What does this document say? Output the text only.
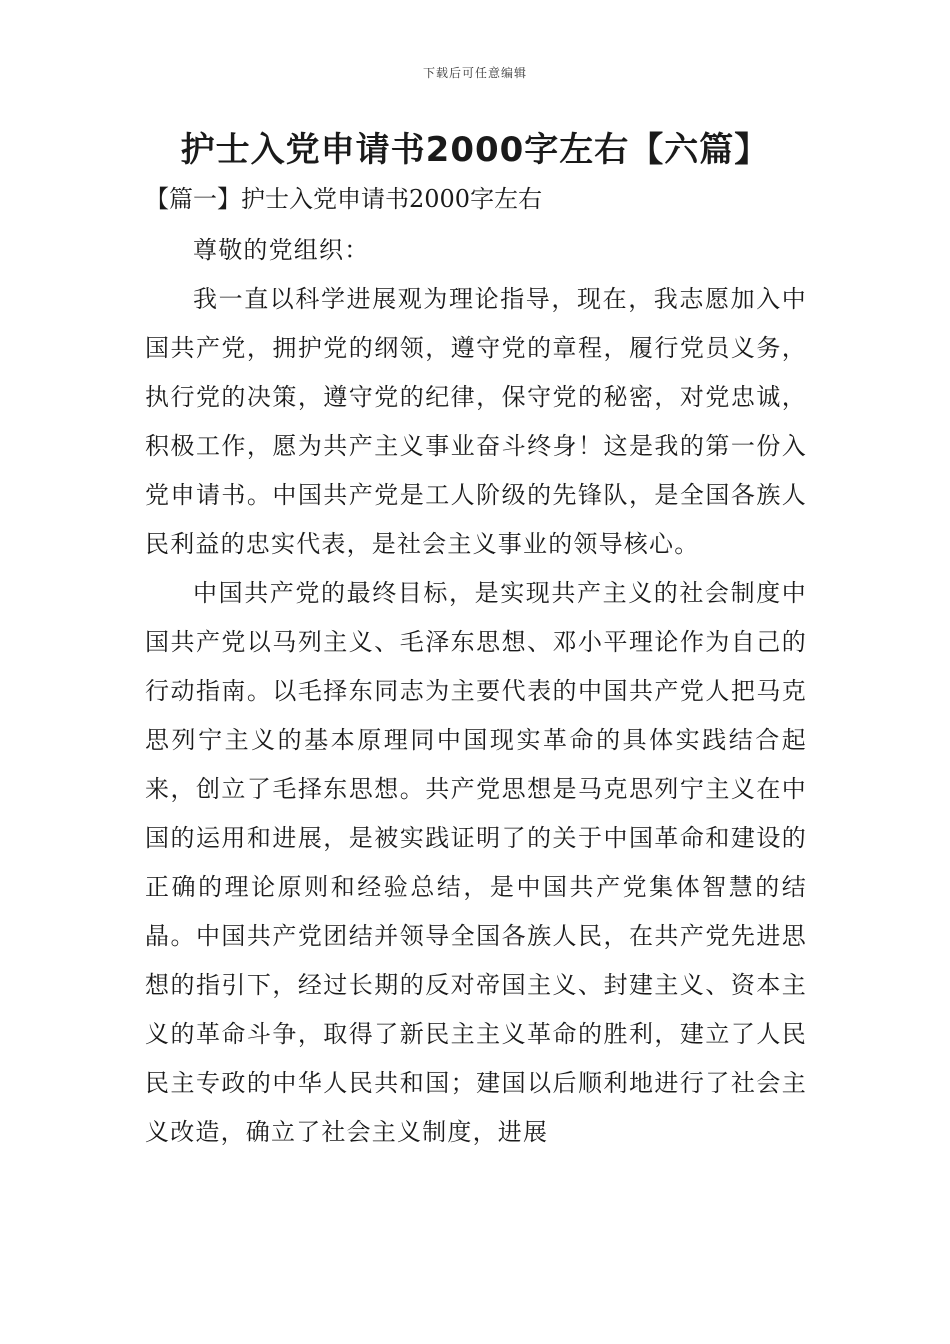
下载后可任意编辑
护士入党申请书2000字左右【六篇】
【篇一】护士入党申请书2000字左右

尊敬的党组织：

我一直以科学进展观为理论指导，现在，我志愿加入中国共产党，拥护党的纲领，遵守党的章程，履行党员义务，执行党的决策，遵守党的纪律，保守党的秘密，对党忠诚，积极工作，愿为共产主义事业奋斗终身！这是我的第一份入党申请书。中国共产党是工人阶级的先锋队，是全国各族人民利益的忠实代表，是社会主义事业的领导核心。

中国共产党的最终目标，是实现共产主义的社会制度中国共产党以马列主义、毛泽东思想、邓小平理论作为自己的行动指南。以毛择东同志为主要代表的中国共产党人把马克思列宁主义的基本原理同中国现实革命的具体实践结合起来，创立了毛择东思想。共产党思想是马克思列宁主义在中国的运用和进展，是被实践证明了的关于中国革命和建设的正确的理论原则和经验总结，是中国共产党集体智慧的结晶。中国共产党团结并领导全国各族人民，在共产党先进思想的指引下，经过长期的反对帝国主义、封建主义、资本主义的革命斗争，取得了新民主主义革命的胜利，建立了人民民主专政的中华人民共和国；建国以后顺利地进行了社会主义改造，确立了社会主义制度，进展
